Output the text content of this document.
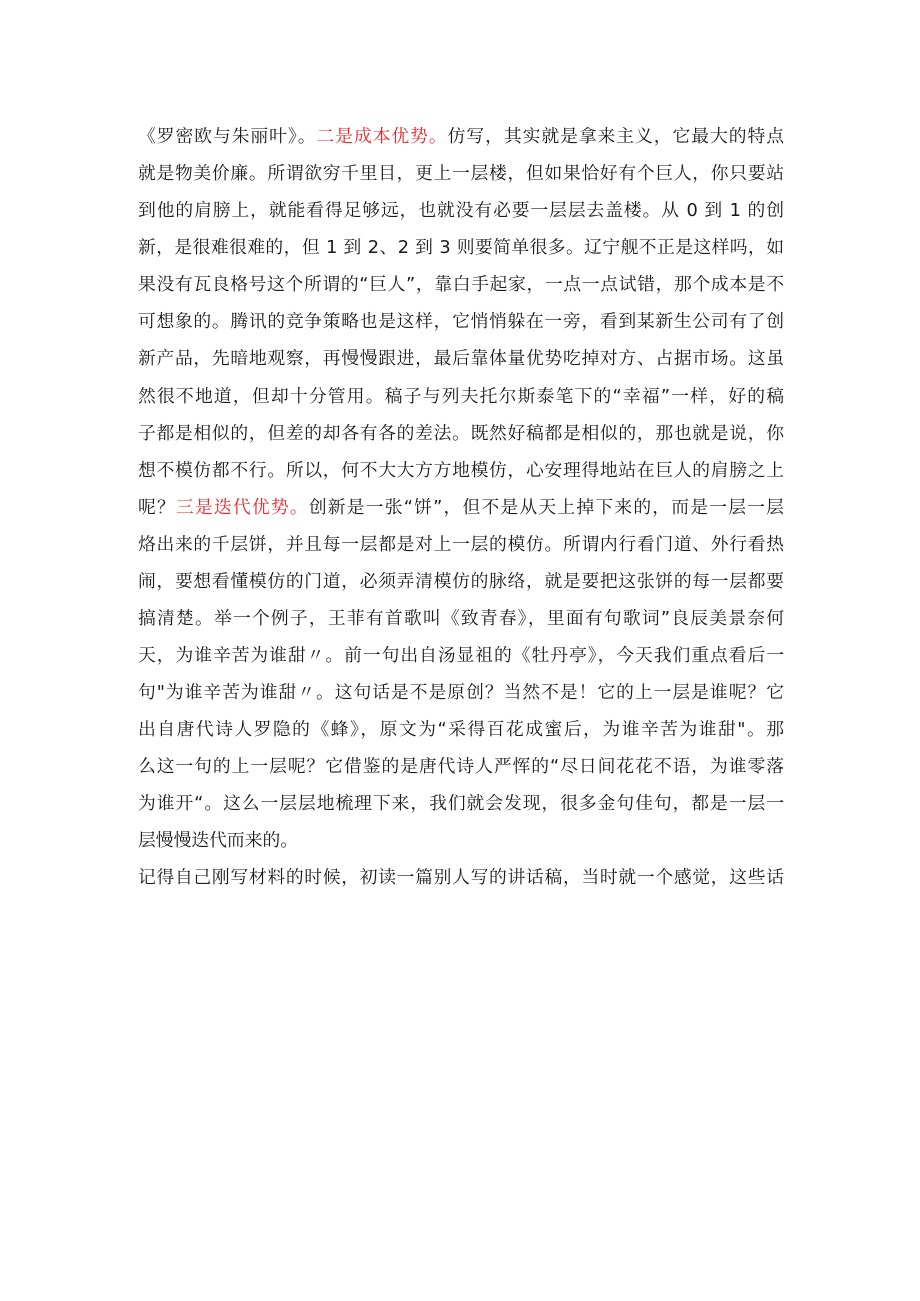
《罗密欧与朱丽叶》。二是成本优势。仿写，其实就是拿来主义，它最大的特点
就是物美价廉。所谓欲穷千里目，更上一层楼，但如果恰好有个巨人，你只要站
到他的肩膀上，就能看得足够远，也就没有必要一层层去盖楼。从 0 到 1 的创
新，是很难很难的，但 1 到 2、2 到 3 则要简单很多。辽宁舰不正是这样吗，如
果没有瓦良格号这个所谓的“巨人”，靠白手起家，一点一点试错，那个成本是不
可想象的。腾讯的竞争策略也是这样，它悄悄躲在一旁，看到某新生公司有了创
新产品，先暗地观察，再慢慢跟进，最后靠体量优势吃掉对方、占据市场。这虽
然很不地道，但却十分管用。稿子与列夫托尔斯泰笔下的“幸福”一样，好的稿
子都是相似的，但差的却各有各的差法。既然好稿都是相似的，那也就是说，你
想不模仿都不行。所以，何不大大方方地模仿，心安理得地站在巨人的肩膀之上
呢？三是迭代优势。创新是一张“饼”，但不是从天上掉下来的，而是一层一层
烙出来的千层饼，并且每一层都是对上一层的模仿。所谓内行看门道、外行看热
闹，要想看懂模仿的门道，必须弄清模仿的脉络，就是要把这张饼的每一层都要
搞清楚。举一个例子，王菲有首歌叫《致青春》，里面有句歌词”良辰美景奈何
天，为谁辛苦为谁甜〃。前一句出自汤显祖的《牡丹亭》，今天我们重点看后一
句"为谁辛苦为谁甜〃。这句话是不是原创？当然不是！它的上一层是谁呢？它
出自唐代诗人罗隐的《蜂》，原文为“采得百花成蜜后，为谁辛苦为谁甜"。那
么这一句的上一层呢？它借鉴的是唐代诗人严恽的“尽日间花花不语，为谁零落
为谁开“。这么一层层地梳理下来，我们就会发现，很多金句佳句，都是一层一
层慢慢迭代而来的。
记得自己刚写材料的时候，初读一篇别人写的讲话稿，当时就一个感觉，这些话
